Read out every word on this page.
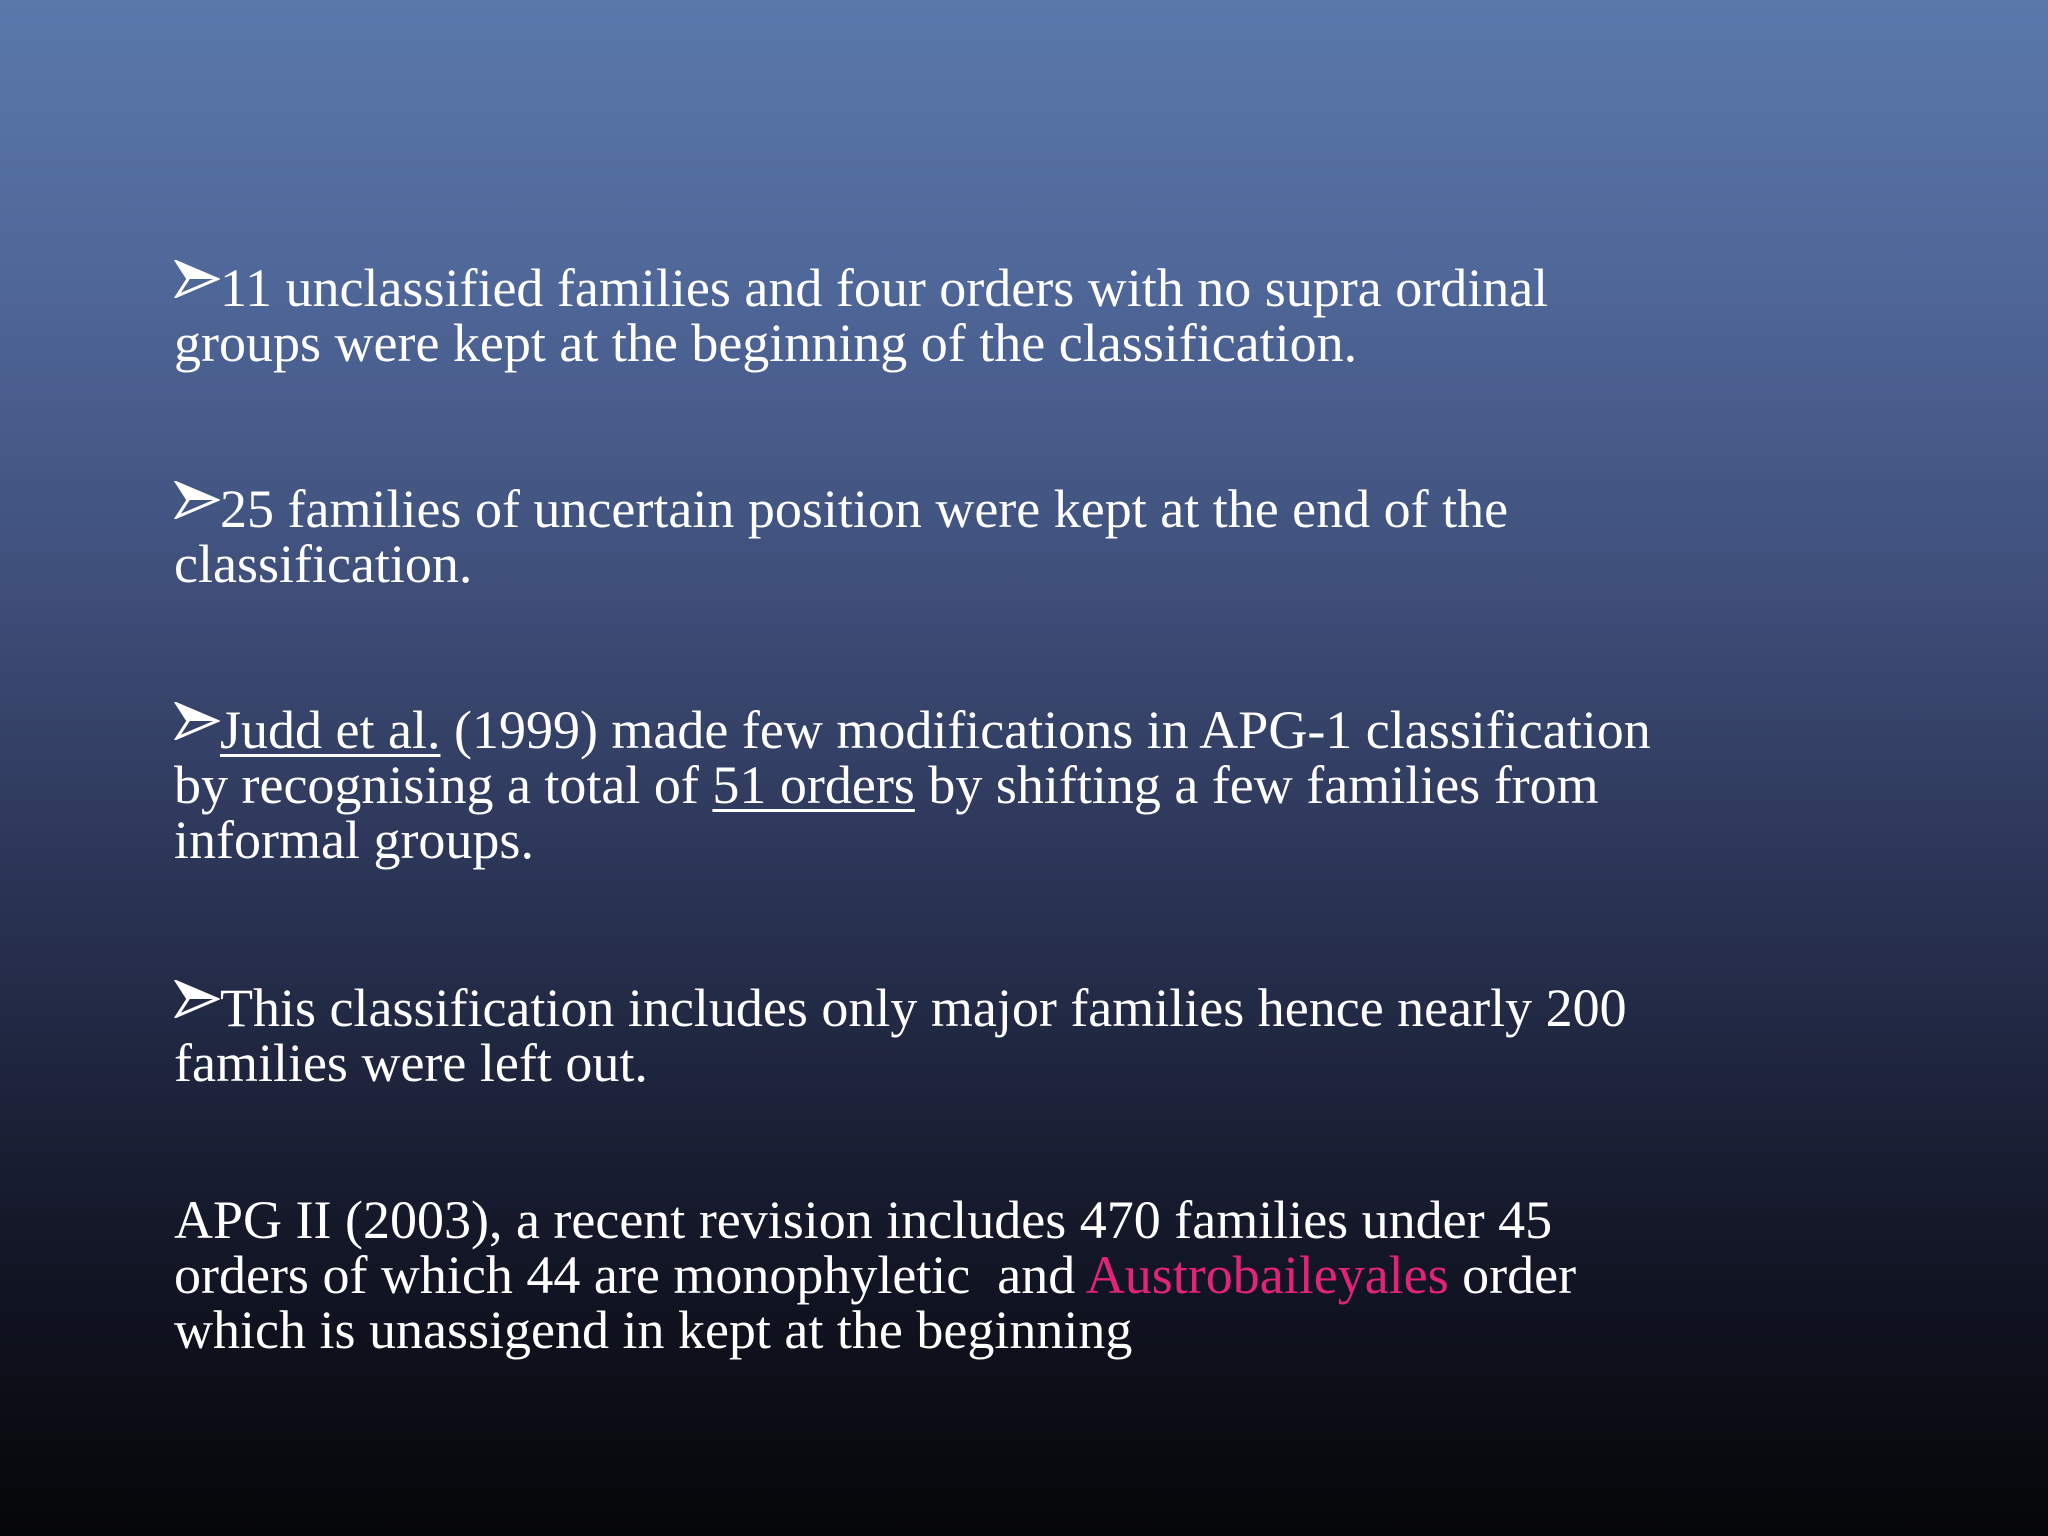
11 unclassified families and four orders with no supra ordinal
groups were kept at the beginning of the classification.
25 families of uncertain position were kept at the end of the
classification.
Judd et al. (1999) made few modifications in APG-1 classification
by recognising a total of 51 orders by shifting a few families from
informal groups.
This classification includes only major families hence nearly 200
families were left out.
APG II (2003), a recent revision includes 470 families under 45
orders of which 44 are monophyletic  and Austrobaileyales order
which is unassigend in kept at the beginning
